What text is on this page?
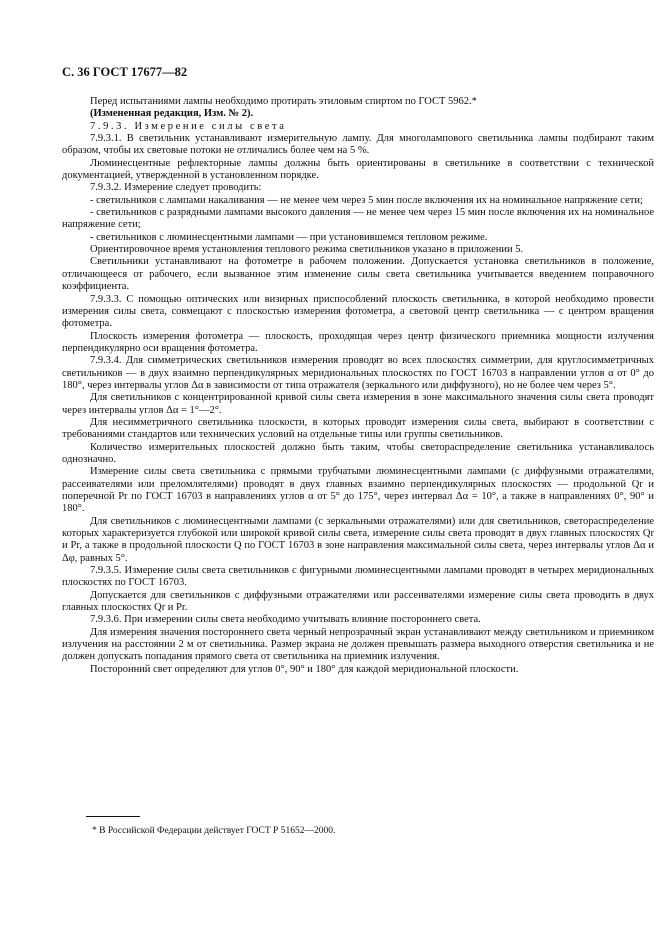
С. 36 ГОСТ 17677—82

Перед испытаниями лампы необходимо протирать этиловым спиртом по ГОСТ 5962.*

(Измененная редакция, Изм. № 2).

7.9.3. Измерение силы света

7.9.3.1. В светильник устанавливают измерительную лампу. Для многолампового светильника лампы подбирают таким образом, чтобы их световые потоки не отличались более чем на 5 %.

Люминесцентные рефлекторные лампы должны быть ориентированы в светильнике в соответствии с технической документацией, утвержденной в установленном порядке.

7.9.3.2. Измерение следует проводить:

- светильников с лампами накаливания — не менее чем через 5 мин после включения их на номинальное напряжение сети;

- светильников с разрядными лампами высокого давления — не менее чем через 15 мин после включения их на номинальное напряжение сети;

- светильников с люминесцентными лампами — при установившемся тепловом режиме.

Ориентировочное время установления теплового режима светильников указано в приложении 5.

Светильники устанавливают на фотометре в рабочем положении. Допускается установка светильников в положение, отличающееся от рабочего, если вызванное этим изменение силы света светильника учитывается введением поправочного коэффициента.

7.9.3.3. С помощью оптических или визирных приспособлений плоскость светильника, в которой необходимо провести измерения силы света, совмещают с плоскостью измерения фотометра, а световой центр светильника — с центром вращения фотометра.

Плоскость измерения фотометра — плоскость, проходящая через центр физического приемника мощности излучения перпендикулярно оси вращения фотометра.

7.9.3.4. Для симметрических светильников измерения проводят во всех плоскостях симметрии, для круглосимметричных светильников — в двух взаимно перпендикулярных меридиональных плоскостях по ГОСТ 16703 в направлении углов α от 0° до 180°, через интервалы углов Δα в зависимости от типа отражателя (зеркального или диффузного), но не более чем через 5°.

Для светильников с концентрированной кривой силы света измерения в зоне максимального значения силы света проводят через интервалы углов Δα = 1°—2°.

Для несимметричного светильника плоскости, в которых проводят измерения силы света, выбирают в соответствии с требованиями стандартов или технических условий на отдельные типы или группы светильников.

Количество измерительных плоскостей должно быть таким, чтобы светораспределение светильника устанавливалось однозначно.

Измерение силы света светильника с прямыми трубчатыми люминесцентными лампами (с диффузными отражателями, рассеивателями или преломлятелями) проводят в двух главных взаимно перпендикулярных плоскостях — продольной Qr и поперечной Pr по ГОСТ 16703 в направлениях углов α от 5° до 175°, через интервал Δα = 10°, а также в направлениях 0°, 90° и 180°.

Для светильников с люминесцентными лампами (с зеркальными отражателями) или для светильников, светораспределение которых характеризуется глубокой или широкой кривой силы света, измерение силы света проводят в двух главных плоскостях Qr и Pr, а также в продольной плоскости Q по ГОСТ 16703 в зоне направления максимальной силы света, через интервалы углов Δα и Δφ, равных 5°.

7.9.3.5. Измерение силы света светильников с фигурными люминесцентными лампами проводят в четырех меридиональных плоскостях по ГОСТ 16703.

Допускается для светильников с диффузными отражателями или рассеивателями измерение силы света проводить в двух главных плоскостях Qr и Pr.

7.9.3.6. При измерении силы света необходимо учитывать влияние постороннего света.

Для измерения значения постороннего света черный непрозрачный экран устанавливают между светильником и приемником излучения на расстоянии 2 м от светильника. Размер экрана не должен превышать размера выходного отверстия светильника и не должен допускать попадания прямого света от светильника на приемник излучения.

Посторонний свет определяют для углов 0°, 90° и 180° для каждой меридиональной плоскости.

* В Российской Федерации действует ГОСТ Р 51652—2000.
